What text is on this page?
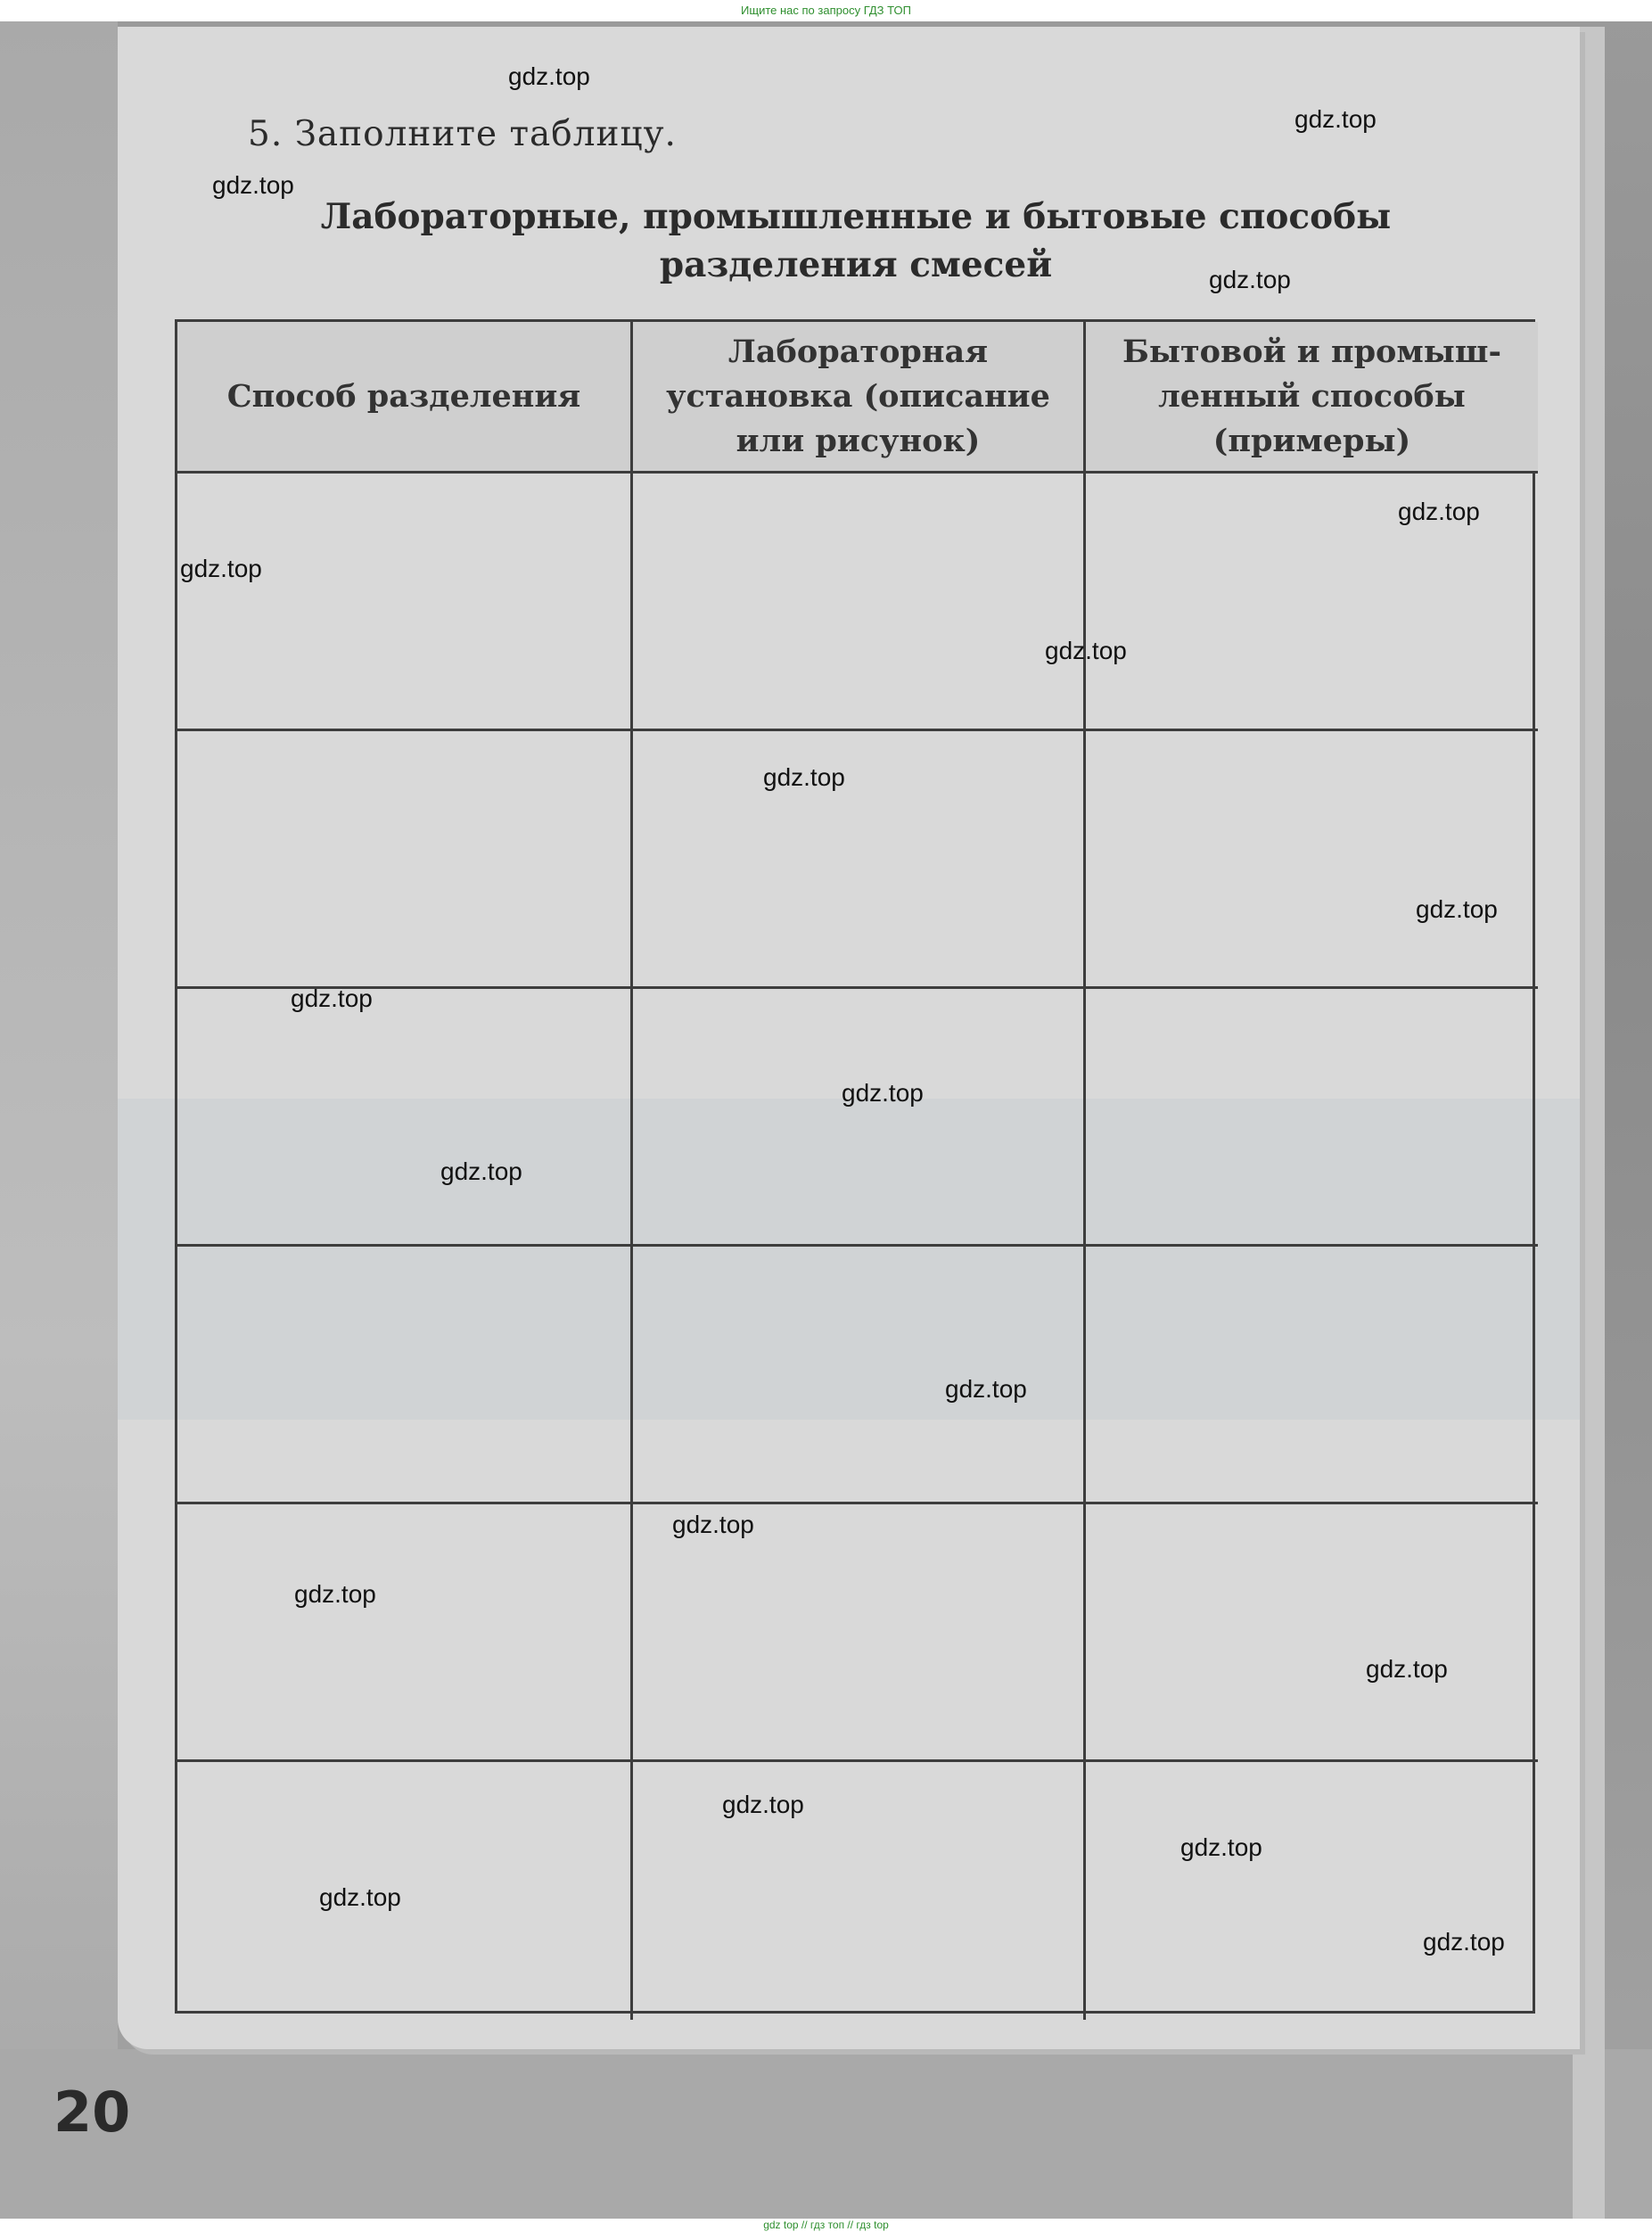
Ищите нас по запросу ГДЗ ТОП
5. Заполните таблицу.
Лабораторные, промышленные и бытовые способы
разделения смесей
Способ разделения
Лабораторная
установка (описание
или рисунок)
Бытовой и промыш-
ленный способы
(примеры)
20
gdz.top
gdz.top
gdz.top
gdz.top
gdz.top
gdz.top
gdz.top
gdz.top
gdz.top
gdz.top
gdz.top
gdz.top
gdz.top
gdz.top
gdz.top
gdz.top
gdz.top
gdz.top
gdz.top
gdz.top
gdz top // гдз топ // гдз top
